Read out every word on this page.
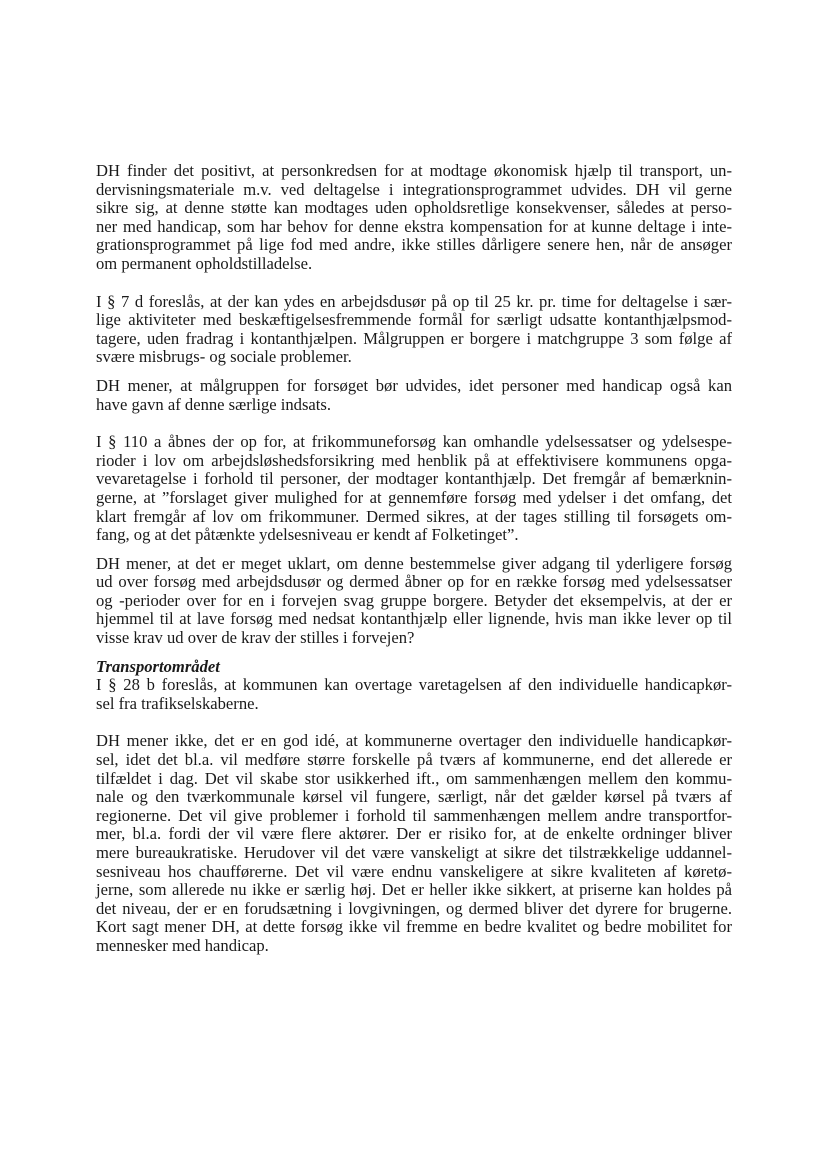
DH finder det positivt, at personkredsen for at modtage økonomisk hjælp til transport, un-
dervisningsmateriale m.v. ved deltagelse i integrationsprogrammet udvides. DH vil gerne
sikre sig, at denne støtte kan modtages uden opholdsretlige konsekvenser, således at perso-
ner med handicap, som har behov for denne ekstra kompensation for at kunne deltage i inte-
grationsprogrammet på lige fod med andre, ikke stilles dårligere senere hen, når de ansøger
om permanent opholdstilladelse.
I § 7 d foreslås, at der kan ydes en arbejdsdusør på op til 25 kr. pr. time for deltagelse i sær-
lige aktiviteter med beskæftigelsesfremmende formål for særligt udsatte kontanthjælpsmod-
tagere, uden fradrag i kontanthjælpen. Målgruppen er borgere i matchgruppe 3 som følge af
svære misbrugs- og sociale problemer.
DH mener, at målgruppen for forsøget bør udvides, idet personer med handicap også kan
have gavn af denne særlige indsats.
I § 110 a åbnes der op for, at frikommuneforsøg kan omhandle ydelsessatser og ydelsespe-
rioder i lov om arbejdsløshedsforsikring med henblik på at effektivisere kommunens opga-
vevaretagelse i forhold til personer, der modtager kontanthjælp. Det fremgår af bemærknin-
gerne, at ”forslaget giver mulighed for at gennemføre forsøg med ydelser i det omfang, det
klart fremgår af lov om frikommuner. Dermed sikres, at der tages stilling til forsøgets om-
fang, og at det påtænkte ydelsesniveau er kendt af Folketinget”.
DH mener, at det er meget uklart, om denne bestemmelse giver adgang til yderligere forsøg
ud over forsøg med arbejdsdusør og dermed åbner op for en række forsøg med ydelsessatser
og -perioder over for en i forvejen svag gruppe borgere. Betyder det eksempelvis, at der er
hjemmel til at lave forsøg med nedsat kontanthjælp eller lignende, hvis man ikke lever op til
visse krav ud over de krav der stilles i forvejen?
Transportområdet
I § 28 b foreslås, at kommunen kan overtage varetagelsen af den individuelle handicapkør-
sel fra trafikselskaberne.
DH mener ikke, det er en god idé, at kommunerne overtager den individuelle handicapkør-
sel, idet det bl.a. vil medføre større forskelle på tværs af kommunerne, end det allerede er
tilfældet i dag. Det vil skabe stor usikkerhed ift., om sammenhængen mellem den kommu-
nale og den tværkommunale kørsel vil fungere, særligt, når det gælder kørsel på tværs af
regionerne. Det vil give problemer i forhold til sammenhængen mellem andre transportfor-
mer, bl.a. fordi der vil være flere aktører. Der er risiko for, at de enkelte ordninger bliver
mere bureaukratiske. Herudover vil det være vanskeligt at sikre det tilstrækkelige uddannel-
sesniveau hos chaufførerne. Det vil være endnu vanskeligere at sikre kvaliteten af køretø-
jerne, som allerede nu ikke er særlig høj. Det er heller ikke sikkert, at priserne kan holdes på
det niveau, der er en forudsætning i lovgivningen, og dermed bliver det dyrere for brugerne.
Kort sagt mener DH, at dette forsøg ikke vil fremme en bedre kvalitet og bedre mobilitet for
mennesker med handicap.
